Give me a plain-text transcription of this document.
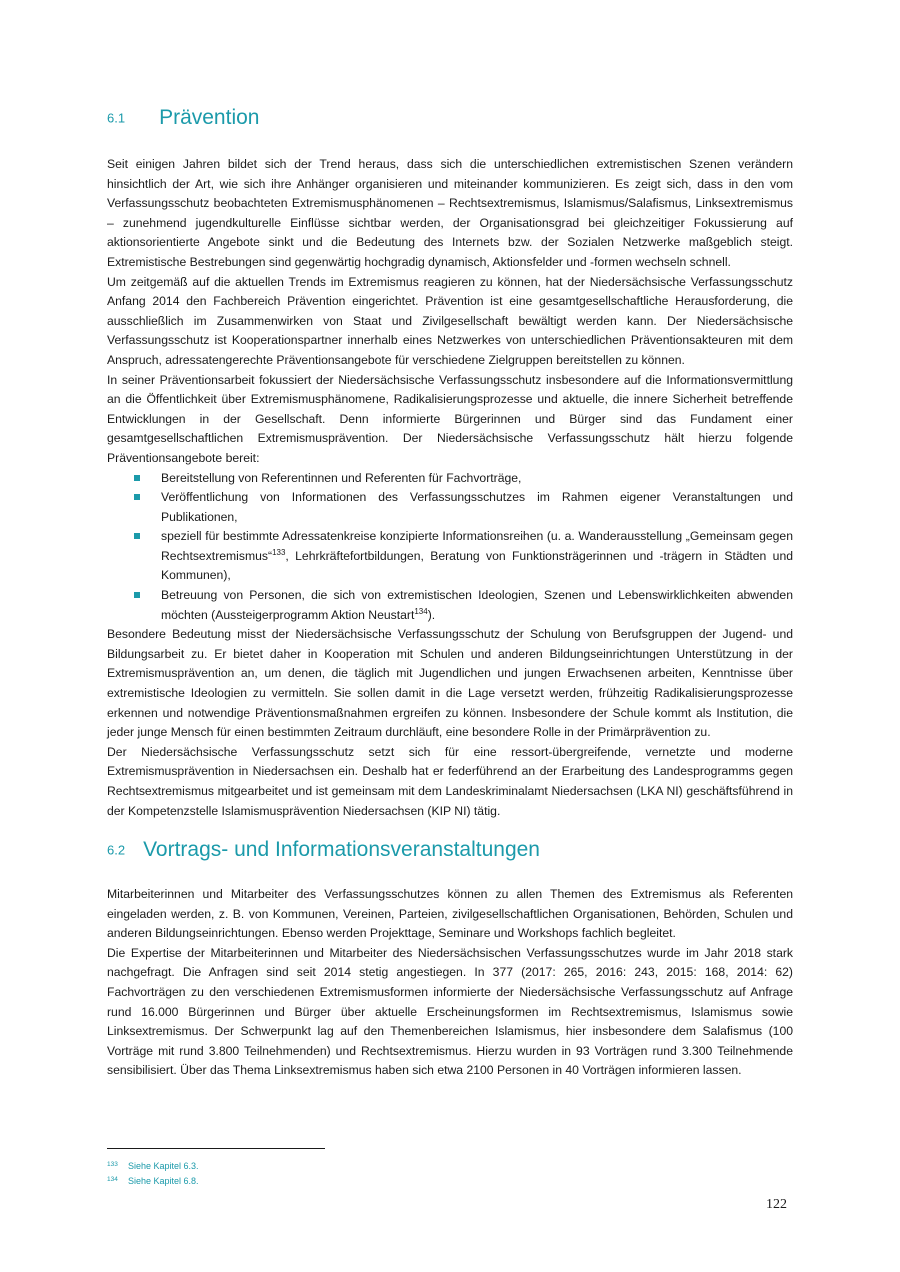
6.1 Prävention

Seit einigen Jahren bildet sich der Trend heraus, dass sich die unterschiedlichen extremistischen Szenen verändern hinsichtlich der Art, wie sich ihre Anhänger organisieren und miteinander kommunizieren. Es zeigt sich, dass in den vom Verfassungsschutz beobachteten Extremismusphänomenen – Rechtsextremismus, Islamismus/Salafismus, Linksextremismus – zunehmend jugendkulturelle Einflüsse sichtbar werden, der Organisationsgrad bei gleichzeitiger Fokussierung auf aktionsorientierte Angebote sinkt und die Bedeutung des Internets bzw. der Sozialen Netzwerke maßgeblich steigt. Extremistische Bestrebungen sind gegenwärtig hochgradig dynamisch, Aktionsfelder und -formen wechseln schnell.

Um zeitgemäß auf die aktuellen Trends im Extremismus reagieren zu können, hat der Niedersächsische Verfassungsschutz Anfang 2014 den Fachbereich Prävention eingerichtet. Prävention ist eine gesamtgesellschaftliche Herausforderung, die ausschließlich im Zusammenwirken von Staat und Zivilgesellschaft bewältigt werden kann. Der Niedersächsische Verfassungsschutz ist Kooperationspartner innerhalb eines Netzwerkes von unterschiedlichen Präventionsakteuren mit dem Anspruch, adressatengerechte Präventionsangebote für verschiedene Zielgruppen bereitstellen zu können.

In seiner Präventionsarbeit fokussiert der Niedersächsische Verfassungsschutz insbesondere auf die Informationsvermittlung an die Öffentlichkeit über Extremismusphänomene, Radikalisierungsprozesse und aktuelle, die innere Sicherheit betreffende Entwicklungen in der Gesellschaft. Denn informierte Bürgerinnen und Bürger sind das Fundament einer gesamtgesellschaftlichen Extremismusprävention. Der Niedersächsische Verfassungsschutz hält hierzu folgende Präventionsangebote bereit:

Bereitstellung von Referentinnen und Referenten für Fachvorträge,
Veröffentlichung von Informationen des Verfassungsschutzes im Rahmen eigener Veranstaltungen und Publikationen,
speziell für bestimmte Adressatenkreise konzipierte Informationsreihen (u. a. Wanderausstellung „Gemeinsam gegen Rechtsextremismus“$^{133}$, Lehrkräftefortbildungen, Beratung von Funktionsträgerinnen und -trägern in Städten und Kommunen),
Betreuung von Personen, die sich von extremistischen Ideologien, Szenen und Lebenswirklichkeiten abwenden möchten (Aussteigerprogramm Aktion Neustart$^{134}$).

Besondere Bedeutung misst der Niedersächsische Verfassungsschutz der Schulung von Berufsgruppen der Jugend- und Bildungsarbeit zu. Er bietet daher in Kooperation mit Schulen und anderen Bildungseinrichtungen Unterstützung in der Extremismusprävention an, um denen, die täglich mit Jugendlichen und jungen Erwachsenen arbeiten, Kenntnisse über extremistische Ideologien zu vermitteln. Sie sollen damit in die Lage versetzt werden, frühzeitig Radikalisierungsprozesse erkennen und notwendige Präventionsmaßnahmen ergreifen zu können. Insbesondere der Schule kommt als Institution, die jeder junge Mensch für einen bestimmten Zeitraum durchläuft, eine besondere Rolle in der Primärprävention zu.

Der Niedersächsische Verfassungsschutz setzt sich für eine ressort-übergreifende, vernetzte und moderne Extremismusprävention in Niedersachsen ein. Deshalb hat er federführend an der Erarbeitung des Landesprogramms gegen Rechtsextremismus mitgearbeitet und ist gemeinsam mit dem Landeskriminalamt Niedersachsen (LKA NI) geschäftsführend in der Kompetenzstelle Islamismusprävention Niedersachsen (KIP NI) tätig.

6.2 Vortrags- und Informationsveranstaltungen

Mitarbeiterinnen und Mitarbeiter des Verfassungsschutzes können zu allen Themen des Extremismus als Referenten eingeladen werden, z. B. von Kommunen, Vereinen, Parteien, zivilgesellschaftlichen Organisationen, Behörden, Schulen und anderen Bildungseinrichtungen. Ebenso werden Projekttage, Seminare und Workshops fachlich begleitet.

Die Expertise der Mitarbeiterinnen und Mitarbeiter des Niedersächsischen Verfassungsschutzes wurde im Jahr 2018 stark nachgefragt. Die Anfragen sind seit 2014 stetig angestiegen. In 377 (2017: 265, 2016: 243, 2015: 168, 2014: 62) Fachvorträgen zu den verschiedenen Extremismusformen informierte der Niedersächsische Verfassungsschutz auf Anfrage rund 16.000 Bürgerinnen und Bürger über aktuelle Erscheinungsformen im Rechtsextremismus, Islamismus sowie Linksextremismus. Der Schwerpunkt lag auf den Themenbereichen Islamismus, hier insbesondere dem Salafismus (100 Vorträge mit rund 3.800 Teilnehmenden) und Rechtsextremismus. Hierzu wurden in 93 Vorträgen rund 3.300 Teilnehmende sensibilisiert. Über das Thema Linksextremismus haben sich etwa 2100 Personen in 40 Vorträgen informieren lassen.

133 Siehe Kapitel 6.3.
134 Siehe Kapitel 6.8.
122
